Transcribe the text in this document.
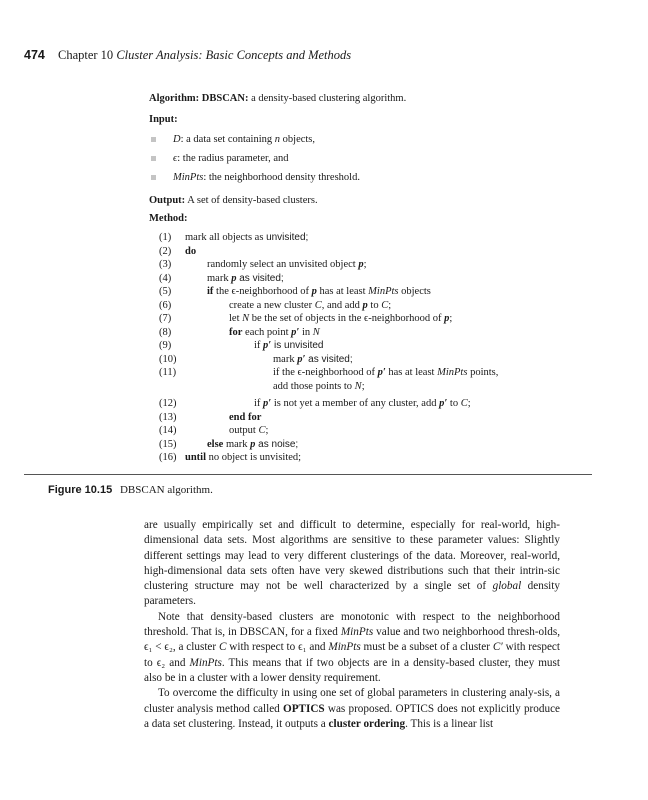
474 Chapter 10 Cluster Analysis: Basic Concepts and Methods
Algorithm: DBSCAN: a density-based clustering algorithm.
Input:
D: a data set containing n objects,
ϵ: the radius parameter, and
MinPts: the neighborhood density threshold.
Output: A set of density-based clusters.
Method:
(1) mark all objects as unvisited;
(2) do
(3)	randomly select an unvisited object p;
(4)	mark p as visited;
(5)	if the ϵ-neighborhood of p has at least MinPts objects
(6)	create a new cluster C, and add p to C;
(7)	let N be the set of objects in the ϵ-neighborhood of p;
(8)	for each point p′ in N
(9)	if p′ is unvisited
(10)	mark p′ as visited;
(11)	if the ϵ-neighborhood of p′ has at least MinPts points,
add those points to N;
(12)	if p′ is not yet a member of any cluster, add p′ to C;
(13)	end for
(14)	output C;
(15)	else mark p as noise;
(16) until no object is unvisited;
Figure 10.15 DBSCAN algorithm.

are usually empirically set and difficult to determine, especially for real-world, high-dimensional data sets. Most algorithms are sensitive to these parameter values: Slightly different settings may lead to very different clusterings of the data. Moreover, real-world, high-dimensional data sets often have very skewed distributions such that their intrin-sic clustering structure may not be well characterized by a single set of global density parameters.

Note that density-based clusters are monotonic with respect to the neighborhood threshold. That is, in DBSCAN, for a fixed MinPts value and two neighborhood thresh-olds, ϵ₁ < ϵ₂, a cluster C with respect to ϵ₁ and MinPts must be a subset of a cluster C′ with respect to ϵ₂ and MinPts. This means that if two objects are in a density-based cluster, they must also be in a cluster with a lower density requirement.

To overcome the difficulty in using one set of global parameters in clustering analy-sis, a cluster analysis method called OPTICS was proposed. OPTICS does not explicitly produce a data set clustering. Instead, it outputs a cluster ordering. This is a linear list
